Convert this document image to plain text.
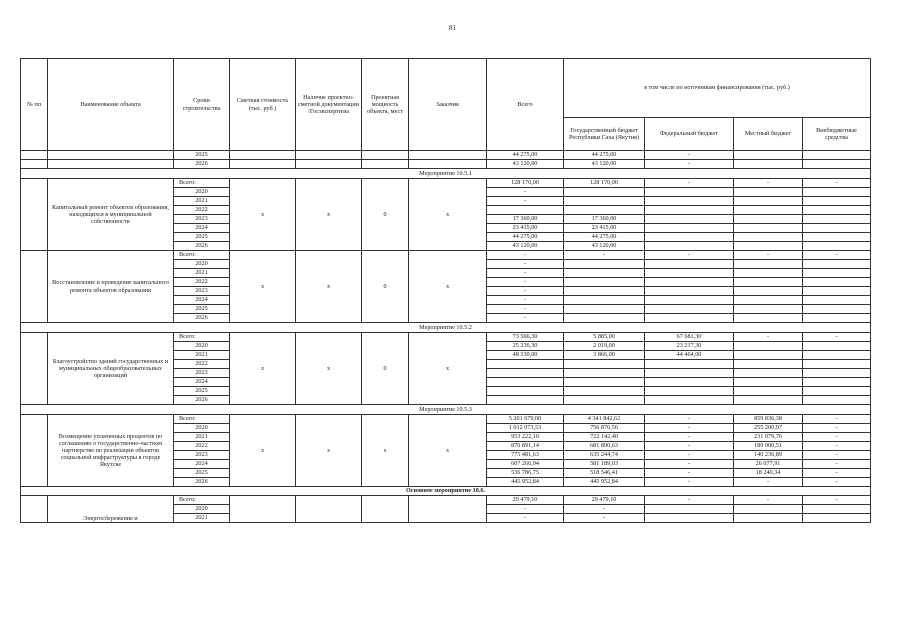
81
№ пп	Наименование объекта	Сроки строительства	Сметная стоимость (тыс. руб.)	Наличие проектно-сметной документации /Госэкспертизы	Проектная мощность объекта, мест	Заказчик	Всего	в том числе по источникам финансирования (тыс. руб.)			
								Государственный бюджет Республики Саха (Якутия)	Федеральный бюджет	Местный бюджет	Внебюджетные средства
		2025					44 275,00	44 275,00	-		
		2026					43 120,00	43 120,00	-		
Мероприятие 10.5.1											
	Капитальный ремонт объектов образования, находящихся в муниципальной собственности	Всего:	x	x	0	x	128 170,00	128 170,00	-	-	-
		2020					-				
		2021					-				
		2022									
		2023					17 360,00	17 360,00			
		2024					23 415,00	23 415,00			
		2025					44 275,00	44 275,00			
		2026					43 120,00	43 120,00			
	Восстановление и проведение капитального ремонта объектов образования	Всего:	x	x	0	x	-	-	-	-	-
		2020					-				
		2021					-				
		2022					-				
		2023					-				
		2024					-				
		2025					-				
		2026					-				
Мероприятие 10.5.2											
	Благоустройство зданий государственных и муниципальных общеобразовательных организаций	Всего:	x	x	0	x	73 566,30	5 885,00	67 681,30	-	-
		2020					25 236,30	2 019,00	23 217,30		
		2021					48 330,00	3 866,00	44 464,00		
		2022									
		2023									
		2024									
		2025									
		2026									
Мероприятие 10.5.3											
	Возмещение уплаченных процентов по соглашению о государственно-частном партнерстве по реализации объектов социальной инфраструктуры в городе Якутске	Всего:	x	x	x	x	5 201 679,00	4 341 842,62	-	859 836,38	-
		2020					1 012 073,53	756 876,56	-	255 200,97	-
		2021					953 222,16	722 142,40	-	231 079,76	-
		2022					870 891,14	681 890,63	-	189 000,51	-
		2023					775 481,63	635 244,74	-	140 236,89	-
		2024					607 266,94	581 189,03	-	26 077,91	-
		2025					536 786,75	518 546,41	-	18 240,34	-
		2026					445 952,84	445 952,84	-	-	-
Основное мероприятие 10.6.											
	Энергосбережение и	Всего:					29 479,10	29 479,10	-	-	-
		2020					-	-			
		2021					-	-			
